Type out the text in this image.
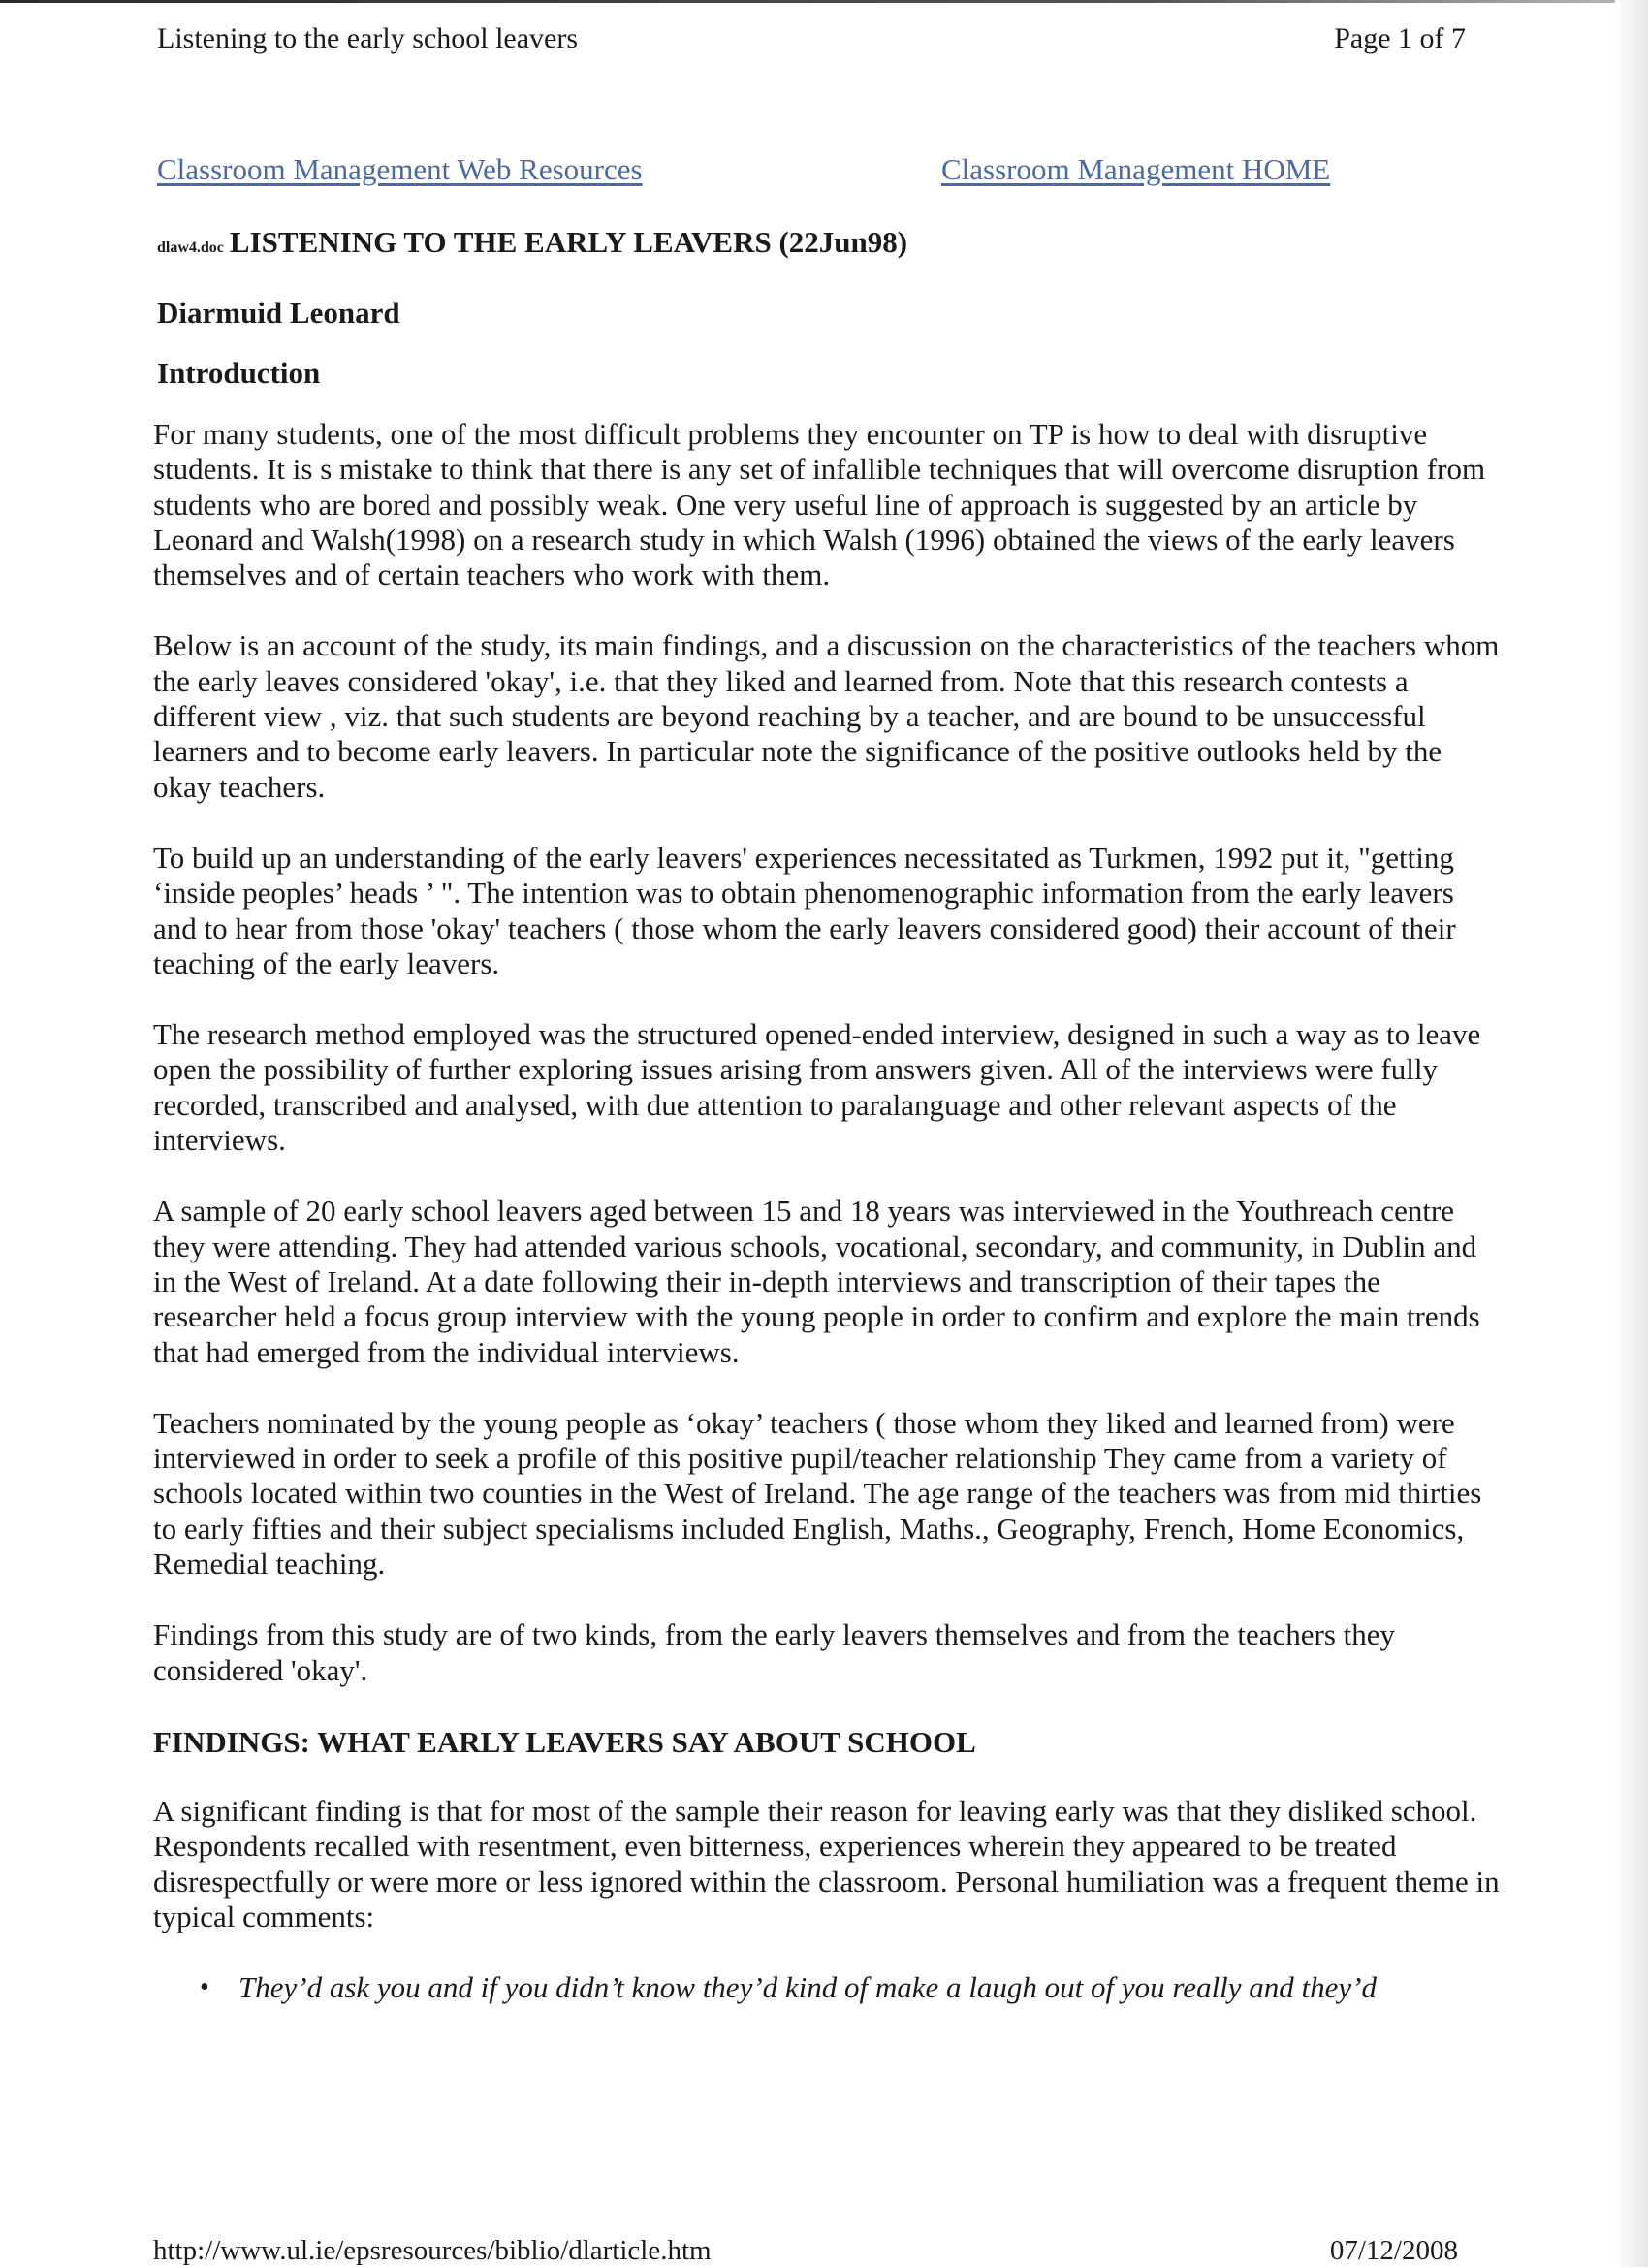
Listening to the early school leavers	Page 1 of 7
Classroom Management Web Resources	Classroom Management HOME
dlaw4.doc LISTENING TO THE EARLY LEAVERS (22Jun98)
Diarmuid Leonard
Introduction

For many students, one of the most difficult problems they encounter on TP is how to deal with disruptive students. It is s mistake to think that there is any set of infallible techniques that will overcome disruption from students who are bored and possibly weak. One very useful line of approach is suggested by an article by Leonard and Walsh(1998) on a research study in which Walsh (1996) obtained the views of the early leavers themselves and of certain teachers who work with them.

Below is an account of the study, its main findings, and a discussion on the characteristics of the teachers whom the early leaves considered 'okay', i.e. that they liked and learned from. Note that this research contests a different view , viz. that such students are beyond reaching by a teacher, and are bound to be unsuccessful learners and to become early leavers. In particular note the significance of the positive outlooks held by the okay teachers.

To build up an understanding of the early leavers' experiences necessitated as Turkmen, 1992 put it, "getting ‘inside peoples’ heads ’ ". The intention was to obtain phenomenographic information from the early leavers and to hear from those 'okay' teachers ( those whom the early leavers considered good) their account of their teaching of the early leavers.

The research method employed was the structured opened-ended interview, designed in such a way as to leave open the possibility of further exploring issues arising from answers given. All of the interviews were fully recorded, transcribed and analysed, with due attention to paralanguage and other relevant aspects of the interviews.

A sample of 20 early school leavers aged between 15 and 18 years was interviewed in the Youthreach centre they were attending. They had attended various schools, vocational, secondary, and community, in Dublin and in the West of Ireland. At a date following their in-depth interviews and transcription of their tapes the researcher held a focus group interview with the young people in order to confirm and explore the main trends that had emerged from the individual interviews.

Teachers nominated by the young people as ‘okay’ teachers ( those whom they liked and learned from) were interviewed in order to seek a profile of this positive pupil/teacher relationship They came from a variety of schools located within two counties in the West of Ireland. The age range of the teachers was from mid thirties to early fifties and their subject specialisms included English, Maths., Geography, French, Home Economics, Remedial teaching.

Findings from this study are of two kinds, from the early leavers themselves and from the teachers they considered 'okay'.

FINDINGS: WHAT EARLY LEAVERS SAY ABOUT SCHOOL

A significant finding is that for most of the sample their reason for leaving early was that they disliked school. Respondents recalled with resentment, even bitterness, experiences wherein they appeared to be treated disrespectfully or were more or less ignored within the classroom. Personal humiliation was a frequent theme in typical comments:

• They’d ask you and if you didn’t know they’d kind of make a laugh out of you really and they’d
http://www.ul.ie/epsresources/biblio/dlarticle.htm	07/12/2008
